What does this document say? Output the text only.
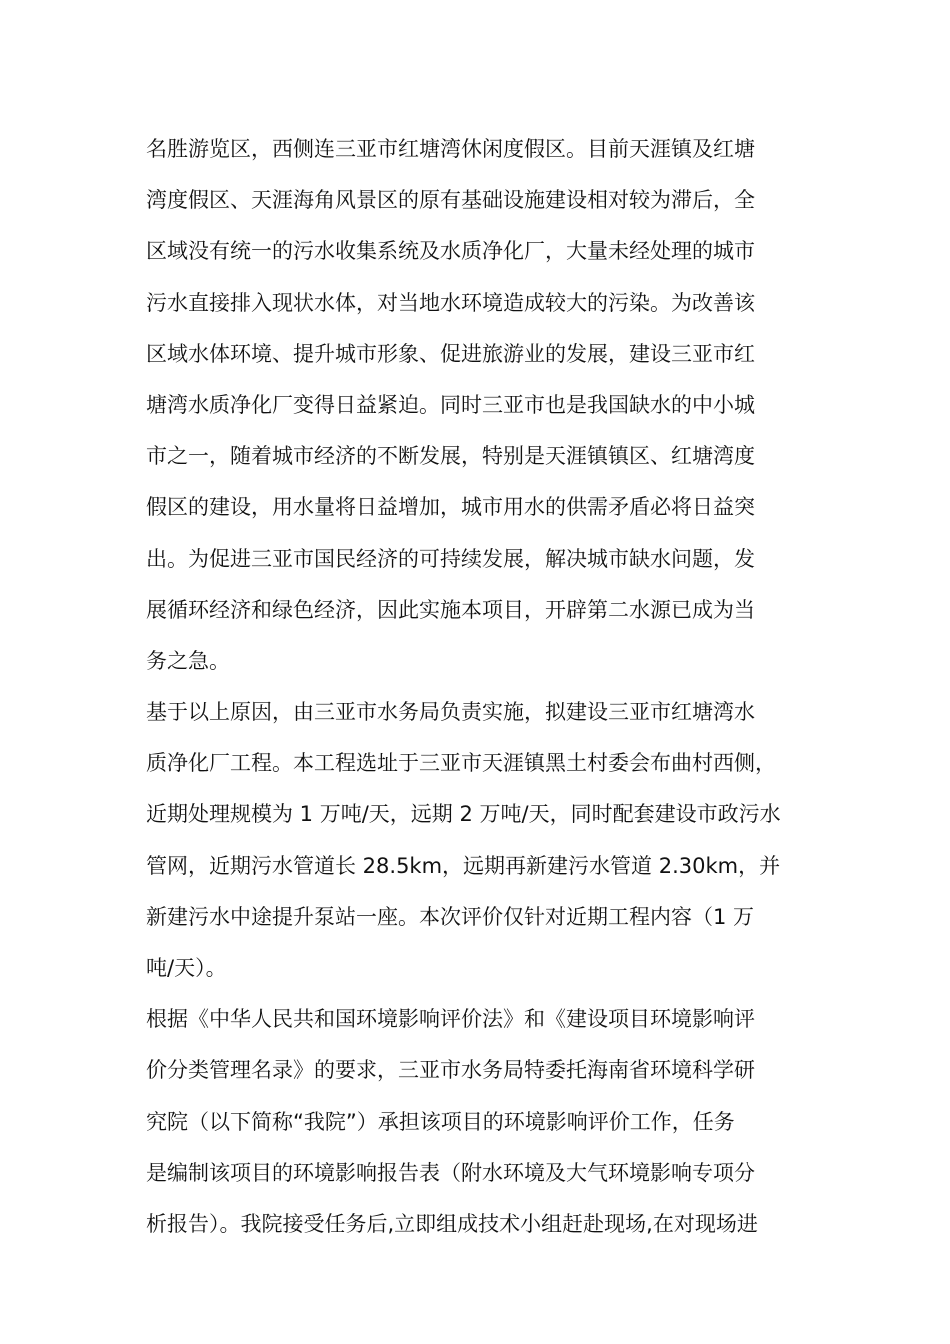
名胜游览区，西侧连三亚市红塘湾休闲度假区。目前天涯镇及红塘
湾度假区、天涯海角风景区的原有基础设施建设相对较为滞后，全
区域没有统一的污水收集系统及水质净化厂，大量未经处理的城市
污水直接排入现状水体，对当地水环境造成较大的污染。为改善该
区域水体环境、提升城市形象、促进旅游业的发展，建设三亚市红
塘湾水质净化厂变得日益紧迫。同时三亚市也是我国缺水的中小城
市之一，随着城市经济的不断发展，特别是天涯镇镇区、红塘湾度
假区的建设，用水量将日益增加，城市用水的供需矛盾必将日益突
出。为促进三亚市国民经济的可持续发展，解决城市缺水问题，发
展循环经济和绿色经济，因此实施本项目，开辟第二水源已成为当
务之急。
基于以上原因，由三亚市水务局负责实施，拟建设三亚市红塘湾水
质净化厂工程。本工程选址于三亚市天涯镇黑土村委会布曲村西侧，
近期处理规模为 1 万吨/天，远期 2 万吨/天，同时配套建设市政污水
管网，近期污水管道长 28.5km，远期再新建污水管道 2.30km，并
新建污水中途提升泵站一座。本次评价仅针对近期工程内容（1 万
吨/天）。
根据《中华人民共和国环境影响评价法》和《建设项目环境影响评
价分类管理名录》的要求，三亚市水务局特委托海南省环境科学研
究院（以下简称“我院”）承担该项目的环境影响评价工作，任务
是编制该项目的环境影响报告表（附水环境及大气环境影响专项分
析报告）。我院接受任务后,立即组成技术小组赶赴现场,在对现场进
